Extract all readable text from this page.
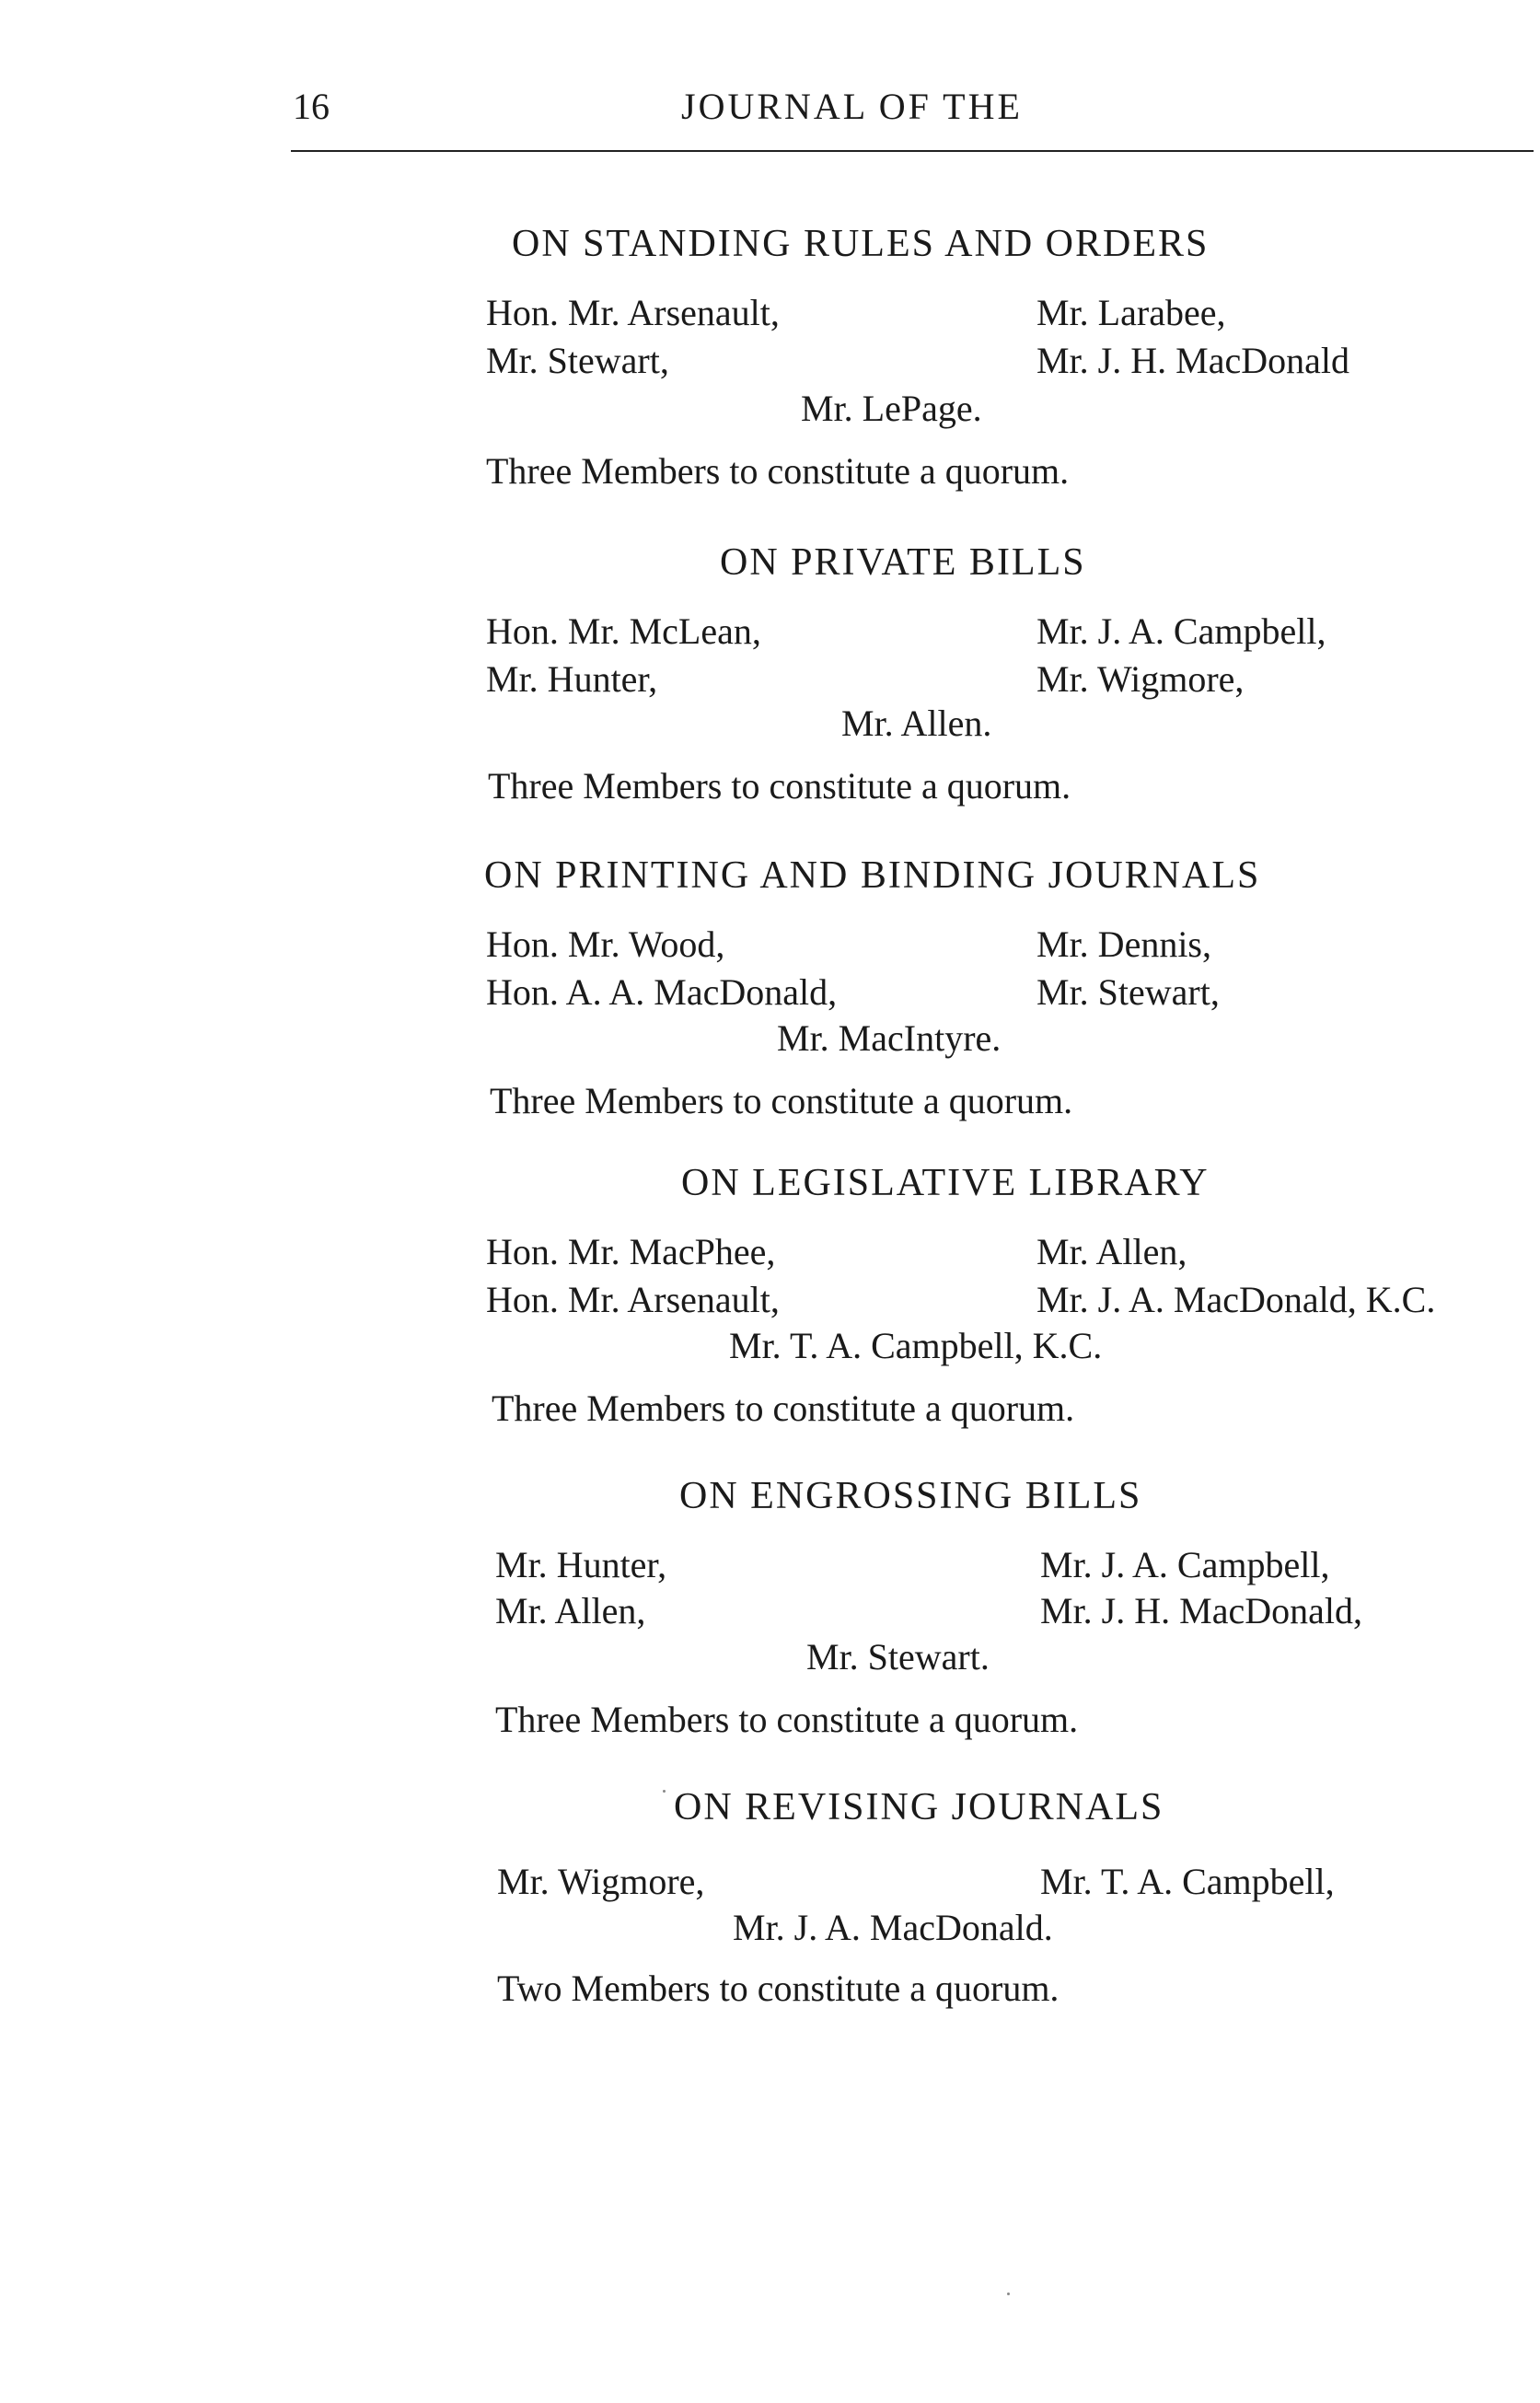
16	JOURNAL OF THE
ON STANDING RULES AND ORDERS
Hon. Mr. Arsenault,	Mr. Larabee,
Mr. Stewart,	Mr. J. H. MacDonald
Mr. LePage.
Three Members to constitute a quorum.
ON PRIVATE BILLS
Hon. Mr. McLean,	Mr. J. A. Campbell,
Mr. Hunter,	Mr. Wigmore,
Mr. Allen.
Three Members to constitute a quorum.
ON PRINTING AND BINDING JOURNALS
Hon. Mr. Wood,	Mr. Dennis,
Hon. A. A. MacDonald,	Mr. Stewart,
Mr. MacIntyre.
Three Members to constitute a quorum.
ON LEGISLATIVE LIBRARY
Hon. Mr. MacPhee,	Mr. Allen,
Hon. Mr. Arsenault,	Mr. J. A. MacDonald, K.C.
Mr. T. A. Campbell, K.C.
Three Members to constitute a quorum.
ON ENGROSSING BILLS
Mr. Hunter,	Mr. J. A. Campbell,
Mr. Allen,	Mr. J. H. MacDonald,
Mr. Stewart.
Three Members to constitute a quorum.
ON REVISING JOURNALS
Mr. Wigmore,	Mr. T. A. Campbell,
Mr. J. A. MacDonald.
Two Members to constitute a quorum.
